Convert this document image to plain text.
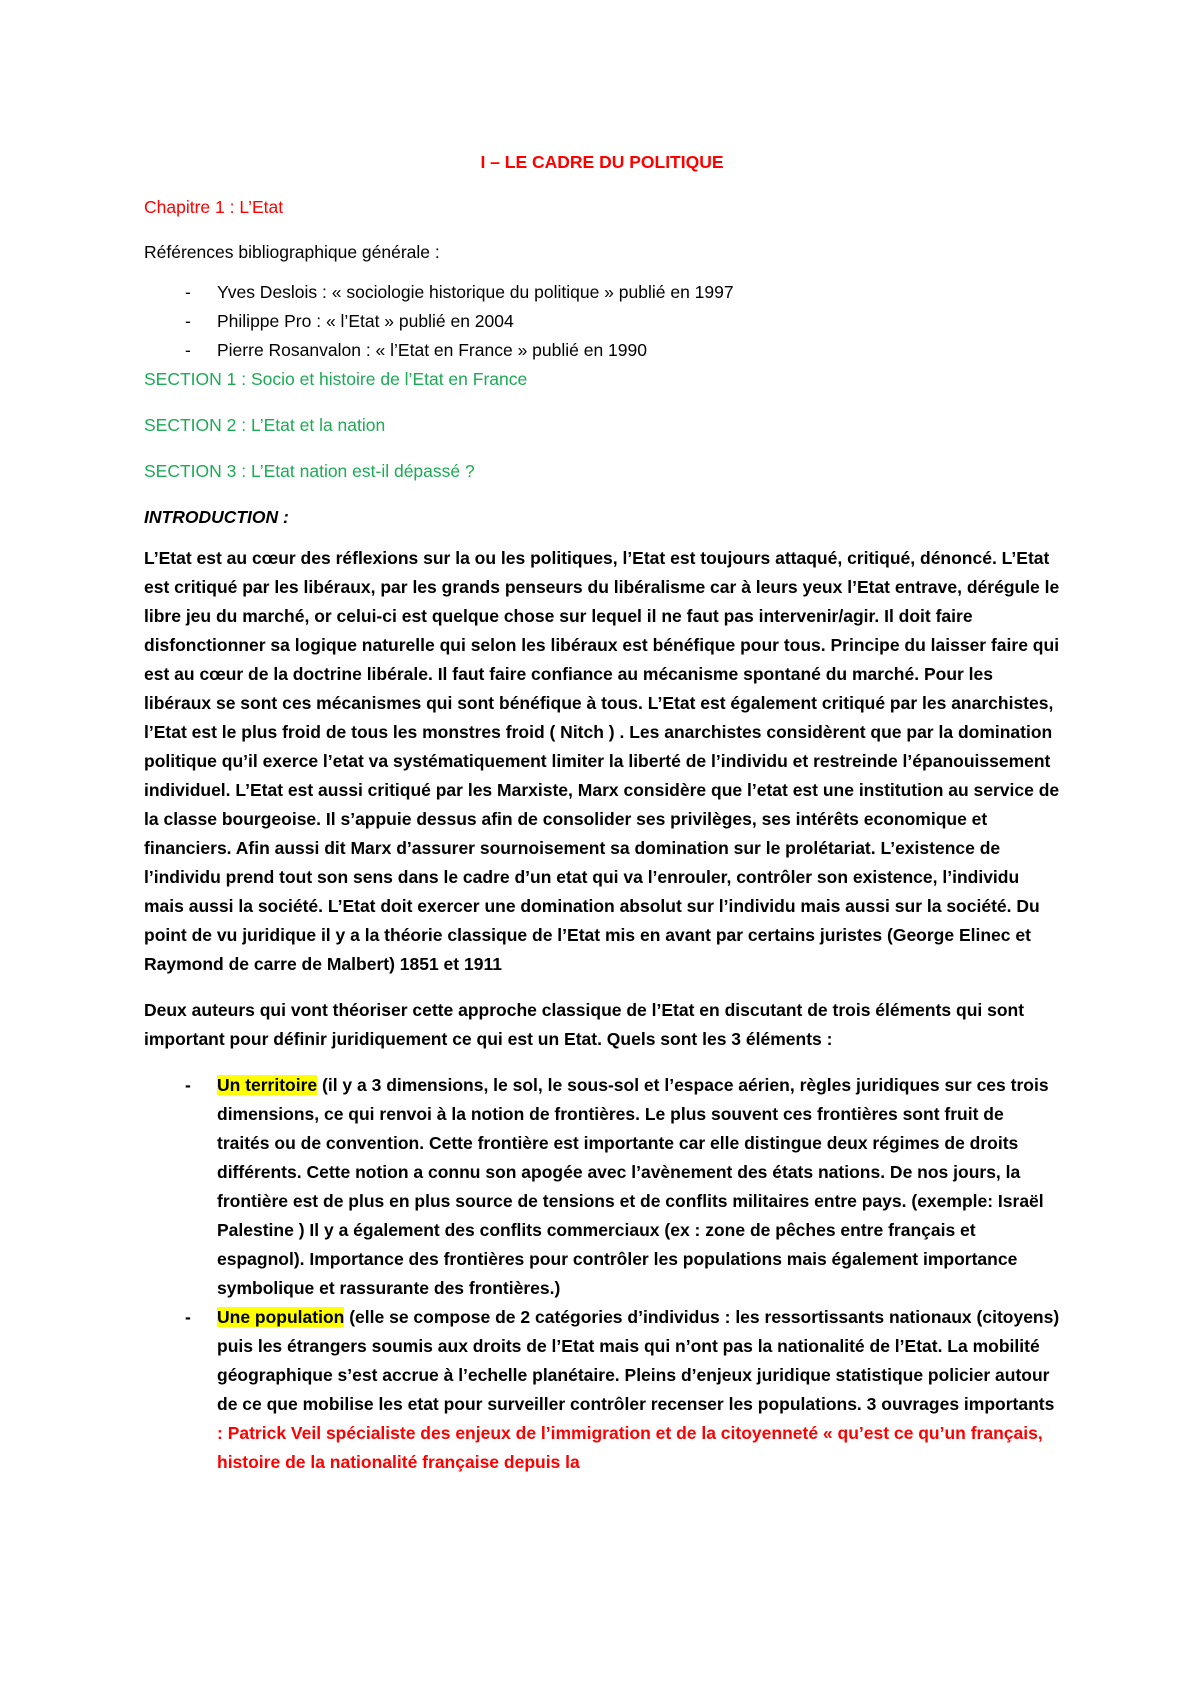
I – LE CADRE DU POLITIQUE

Chapitre 1 : L’Etat

Références bibliographique générale :

- Yves Deslois : « sociologie historique du politique » publié en 1997
- Philippe Pro : « l’Etat » publié en 2004
- Pierre Rosanvalon : « l’Etat en France » publié en 1990

SECTION 1 : Socio et histoire de l’Etat en France

SECTION 2 : L’Etat et la nation

SECTION 3 : L’Etat nation est-il dépassé ?

INTRODUCTION :

L’Etat est au cœur des réflexions sur la ou les politiques, l’Etat est toujours attaqué, critiqué, dénoncé. L’Etat est critiqué par les libéraux, par les grands penseurs du libéralisme car à leurs yeux l’Etat entrave, dérégule le libre jeu du marché, or celui-ci est quelque chose sur lequel il ne faut pas intervenir/agir. Il doit faire disfonctionner sa logique naturelle qui selon les libéraux est bénéfique pour tous. Principe du laisser faire qui est au cœur de la doctrine libérale. Il faut faire confiance au mécanisme spontané du marché. Pour les libéraux se sont ces mécanismes qui sont bénéfique à tous. L’Etat est également critiqué par les anarchistes, l’Etat est le plus froid de tous les monstres froid ( Nitch ) . Les anarchistes considèrent que par la domination politique qu’il exerce l’etat va systématiquement limiter la liberté de l’individu et restreinde l’épanouissement individuel. L’Etat est aussi critiqué par les Marxiste, Marx considère que l’etat est une institution au service de la classe bourgeoise. Il s’appuie dessus afin de consolider ses privilèges, ses intérêts economique et financiers. Afin aussi dit Marx d’assurer sournoisement sa domination sur le prolétariat. L’existence de l’individu prend tout son sens dans le cadre d’un etat qui va l’enrouler, contrôler son existence, l’individu mais aussi la société. L’Etat doit exercer une domination absolut sur l’individu mais aussi sur la société. Du point de vu juridique il y a la théorie classique de l’Etat mis en avant par certains juristes (George Elinec et Raymond de carre de Malbert) 1851 et 1911

Deux auteurs qui vont théoriser cette approche classique de l’Etat en discutant de trois éléments qui sont important pour définir juridiquement ce qui est un Etat. Quels sont les 3 éléments :

- Un territoire (il y a 3 dimensions, le sol, le sous-sol et l’espace aérien, règles juridiques sur ces trois dimensions, ce qui renvoi à la notion de frontières. Le plus souvent ces frontières sont fruit de traités ou de convention. Cette frontière est importante car elle distingue deux régimes de droits différents. Cette notion a connu son apogée avec l’avènement des états nations. De nos jours, la frontière est de plus en plus source de tensions et de conflits militaires entre pays. (exemple: Israël Palestine ) Il y a également des conflits commerciaux (ex : zone de pêches entre français et espagnol). Importance des frontières pour contrôler les populations mais également importance symbolique et rassurante des frontières.)
- Une population (elle se compose de 2 catégories d’individus : les ressortissants nationaux (citoyens) puis les étrangers soumis aux droits de l’Etat mais qui n’ont pas la nationalité de l’Etat. La mobilité géographique s’est accrue à l’echelle planétaire. Pleins d’enjeux juridique statistique policier autour de ce que mobilise les etat pour surveiller contrôler recenser les populations. 3 ouvrages importants : Patrick Veil spécialiste des enjeux de l’immigration et de la citoyenneté « qu’est ce qu’un français, histoire de la nationalité française depuis la
